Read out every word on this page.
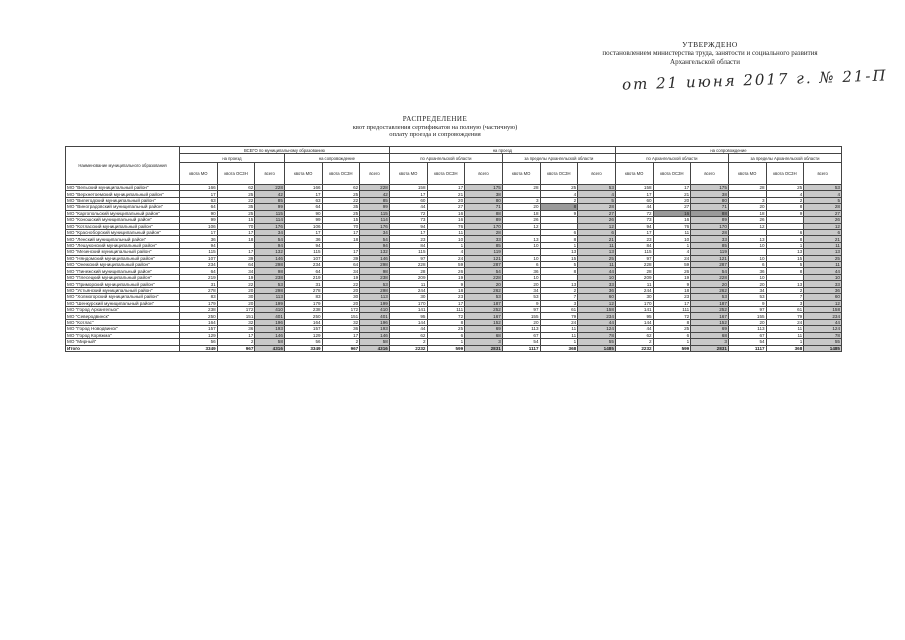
УТВЕРЖДЕНО
постановлением министерства труда, занятости и социального развития
Архангельской области
от 21 июня 2017 г. № 21-П
РАСПРЕДЕЛЕНИЕ
квот предоставления сертификатов на полную (частичную)
оплату проезда и сопровождения
Наименование муниципального образования	ВСЕГО по муниципальному образованию						на проезд						на сопровождение					
	на проезд			на сопровождение			по Архангельской области			за пределы Архангельской области			по Архангельской области			за пределы Архангельской области		
	квота МО	квота ОСЗН	всего	квота МО	квота ОСЗН	всего	квота МО	квота ОСЗН	всего	квота МО	квота ОСЗН	всего	квота МО	квота ОСЗН	всего	квота МО	квота ОСЗН	всего
МО "Вельский муниципальный район"	166	62	228	166	62	228	158	17	175	28	25	53	158	17	175	28	25	53
МО "Верхнетоемский муниципальный район"	17	25	42	17	25	42	17	21	38		4	4	17	21	38		4	4
МО "Вилегодский муниципальный район"	63	22	85	63	22	85	60	20	80	3	2	5	60	20	80	3	2	5
МО "Виноградовский муниципальный район"	64	35	99	64	35	99	44	27	71	20	8	28	44	27	71	20	8	28
МО "Каргопольский муниципальный район"	90	25	115	90	25	115	72	16	88	18	9	27	72	16	88	18	9	27
МО "Коношский муниципальный район"	99	15	114	99	15	114	73	16	89	26		26	73	16	89	26		26
МО "Котласский муниципальный район"	106	70	176	106	70	176	94	76	170	12		12	94	76	170	12		12
МО "Красноборский муниципальный район"	17	17	34	17	17	34	17	11	28		6	6	17	11	28		6	6
МО "Ленский муниципальный район"	36	18	54	36	18	54	23	10	33	13	8	21	23	10	33	13	8	21
МО "Лешуконский муниципальный район"	94		94	94		94	84	1	85	10	1	11	84	1	85	10	1	11
МО "Мезенский муниципальный район"	115	17	132	115	17	132	115	4	119		13	13	115	4	119		13	13
МО "Няндомский муниципальный район"	107	39	146	107	39	146	97	24	121	10	15	25	97	24	121	10	15	25
МО "Онежский муниципальный район"	234	64	298	234	64	298	228	59	287	6	5	11	228	59	287	6	5	11
МО "Пинежский муниципальный район"	64	34	98	64	34	98	28	26	54	36	8	44	28	26	54	36	8	44
МО "Плесецкий муниципальный район"	219	19	238	219	19	238	209	19	228	10		10	209	19	228	10		10
МО "Приморский муниципальный район"	31	22	53	31	22	53	11	9	20	20	13	33	11	9	20	20	13	33
МО "Устьянский муниципальный район"	278	20	298	278	20	298	244	18	262	34	2	36	244	18	262	34	2	36
МО "Холмогорский муниципальный район"	83	30	113	83	30	113	30	23	53	53	7	60	30	23	53	53	7	60
МО "Шенкурский муниципальный район"	179	20	199	179	20	199	170	17	187	9	3	12	170	17	187	9	3	12
МО "Город Архангельск"	238	172	410	238	172	410	141	111	252	97	61	158	141	111	252	97	61	158
МО "Северодвинск"	250	151	401	250	151	401	95	72	167	155	79	234	95	72	167	155	79	234
МО "Котлас"	164	32	196	164	32	196	144	8	152	20	24	44	144	8	152	20	24	44
МО "Город Новодвинск"	157	36	193	157	36	193	44	25	69	113	11	124	44	25	69	113	11	124
МО "Город Коряжма"	129	17	146	129	17	146	62	6	68	67	11	78	62	6	68	67	11	78
МО "Мирный"	56	2	58	56	2	58	2	1	3	54	1	55	2	1	3	54	1	55
Итого	3349	967	4316	3349	967	4316	2232	599	2831	1117	368	1485	2232	599	2831	1117	368	1485
